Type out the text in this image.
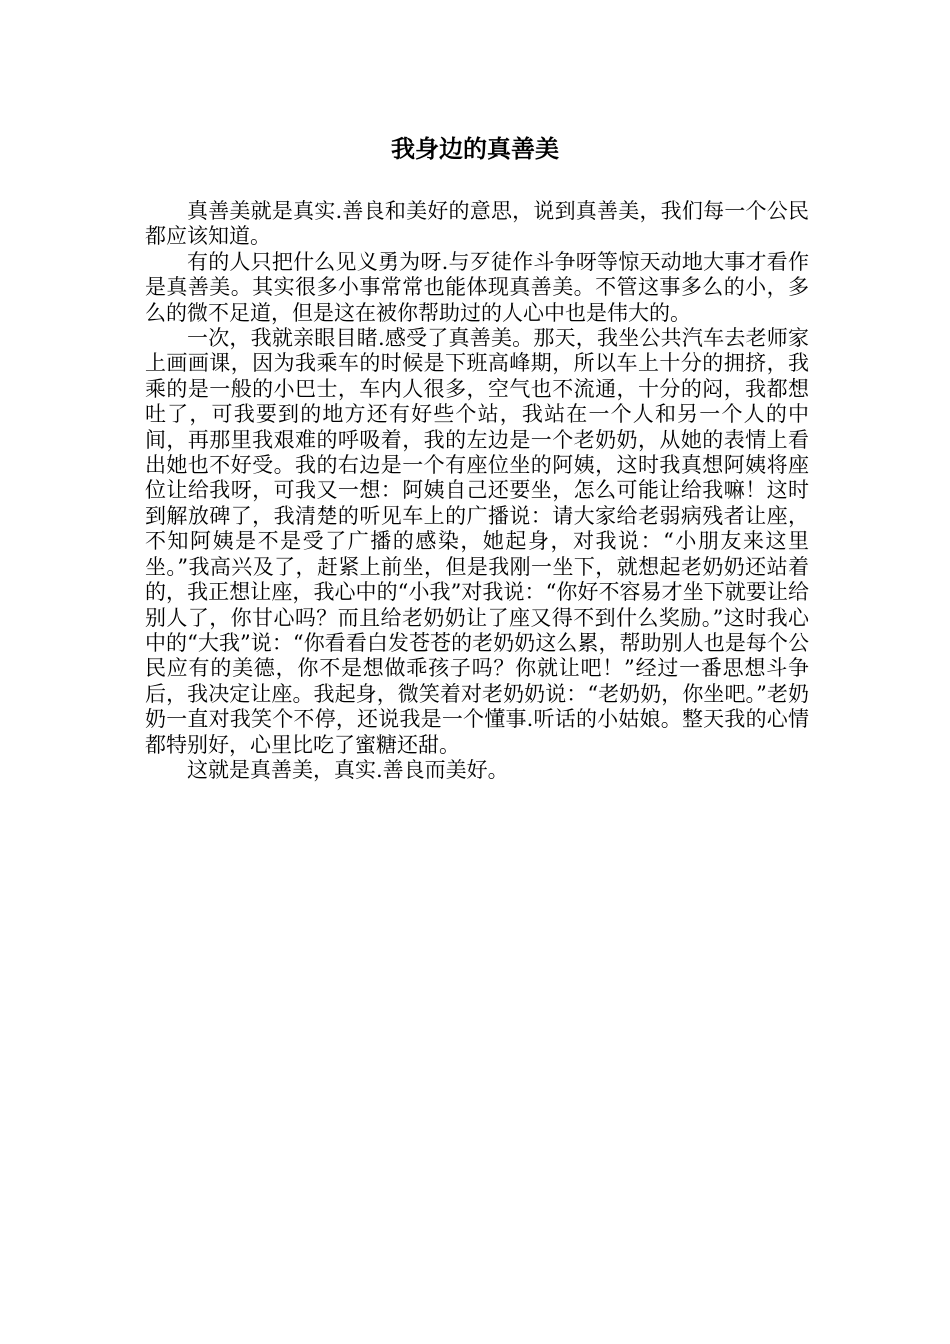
我身边的真善美

真善美就是真实.善良和美好的意思，说到真善美，我们每一个公民都应该知道。

有的人只把什么见义勇为呀.与歹徒作斗争呀等惊天动地大事才看作是真善美。其实很多小事常常也能体现真善美。不管这事多么的小，多么的微不足道，但是这在被你帮助过的人心中也是伟大的。

一次，我就亲眼目睹.感受了真善美。那天，我坐公共汽车去老师家上画画课，因为我乘车的时候是下班高峰期，所以车上十分的拥挤，我乘的是一般的小巴士，车内人很多，空气也不流通，十分的闷，我都想吐了，可我要到的地方还有好些个站，我站在一个人和另一个人的中间，再那里我艰难的呼吸着，我的左边是一个老奶奶，从她的表情上看出她也不好受。我的右边是一个有座位坐的阿姨，这时我真想阿姨将座位让给我呀，可我又一想：阿姨自己还要坐，怎么可能让给我嘛！这时到解放碑了，我清楚的听见车上的广播说：请大家给老弱病残者让座，不知阿姨是不是受了广播的感染，她起身，对我说：“小朋友来这里坐。”我高兴及了，赶紧上前坐，但是我刚一坐下，就想起老奶奶还站着的，我正想让座，我心中的“小我”对我说：“你好不容易才坐下就要让给别人了，你甘心吗？而且给老奶奶让了座又得不到什么奖励。”这时我心中的“大我”说：“你看看白发苍苍的老奶奶这么累，帮助别人也是每个公民应有的美德，你不是想做乖孩子吗？你就让吧！”经过一番思想斗争后，我决定让座。我起身，微笑着对老奶奶说：“老奶奶，你坐吧。”老奶奶一直对我笑个不停，还说我是一个懂事.听话的小姑娘。整天我的心情都特别好，心里比吃了蜜糖还甜。

这就是真善美，真实.善良而美好。
